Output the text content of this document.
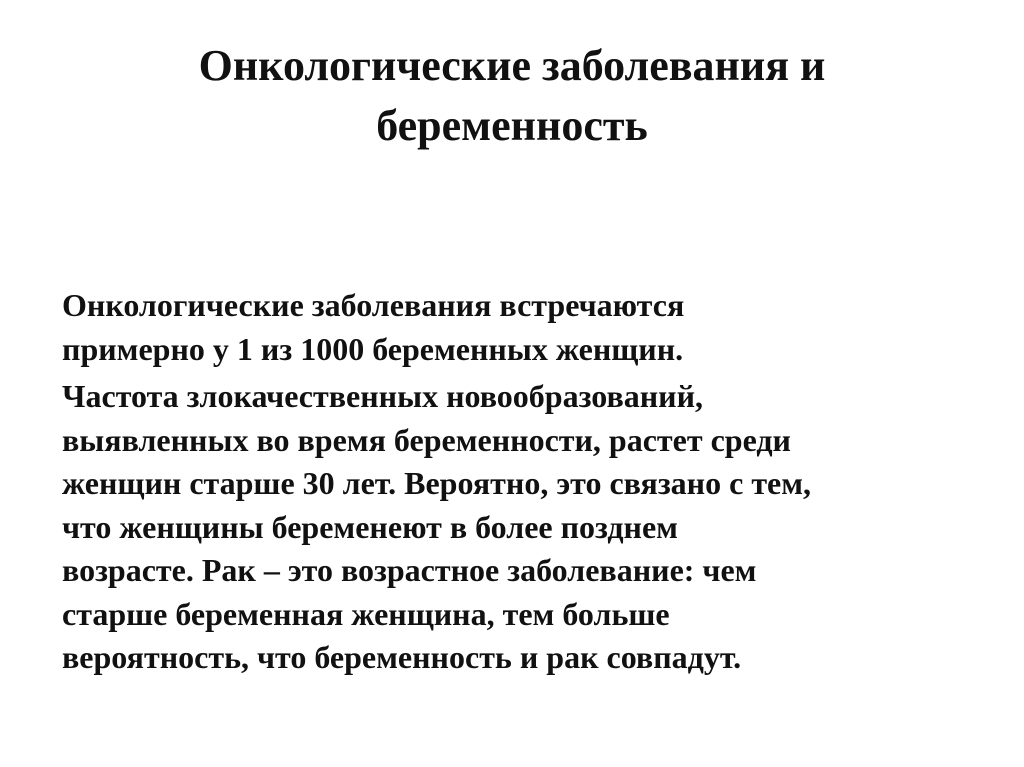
Онкологические заболевания и
берeменность

Онкологические заболевания встречаются
примерно у 1 из 1000 беременных женщин.

Частота злокачественных новообразований,
выявленных во время беременности, растет среди
женщин старше 30 лет. Вероятно, это связано с тем,
что женщины беременеют в более позднем
возрасте. Рак – это возрастное заболевание: чем
старше беременная женщина, тем больше
вероятность, что беременность и рак совпадут.
